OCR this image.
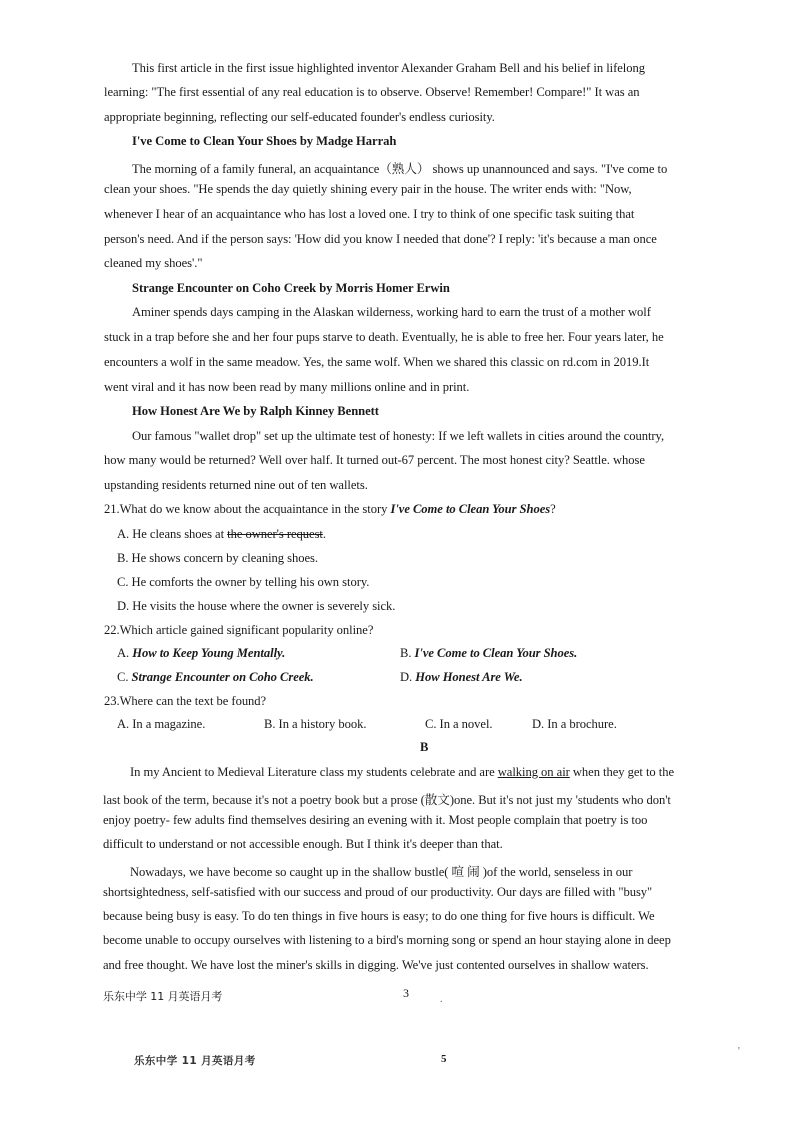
This first article in the first issue highlighted inventor Alexander Graham Bell and his belief in lifelong
learning: "The first essential of any real education is to observe. Observe! Remember! Compare!" It was an
appropriate beginning, reflecting our self-educated founder's endless curiosity.
I've Come to Clean Your Shoes by Madge Harrah
The morning of a family funeral, an acquaintance（熟人） shows up unannounced and says. "I've come to
clean your shoes. "He spends the day quietly shining every pair in the house. The writer ends with: "Now,
whenever I hear of an acquaintance who has lost a loved one. I try to think of one specific task suiting that
person's need. And if the person says: 'How did you know I needed that done'? I reply: 'it's because a man once
cleaned my shoes'."
Strange Encounter on Coho Creek by Morris Homer Erwin
Aminer spends days camping in the Alaskan wilderness, working hard to earn the trust of a mother wolf
stuck in a trap before she and her four pups starve to death. Eventually, he is able to free her. Four years later, he
encounters a wolf in the same meadow. Yes, the same wolf. When we shared this classic on rd.com in 2019.It
went viral and it has now been read by many millions online and in print.
How Honest Are We by Ralph Kinney Bennett
Our famous "wallet drop" set up the ultimate test of honesty: If we left wallets in cities around the country,
how many would be returned? Well over half. It turned out-67 percent. The most honest city? Seattle. whose
upstanding residents returned nine out of ten wallets.
21.What do we know about the acquaintance in the story I've Come to Clean Your Shoes?
A. He cleans shoes at the owner's request.
B. He shows concern by cleaning shoes.
C. He comforts the owner by telling his own story.
D. He visits the house where the owner is severely sick.
22.Which article gained significant popularity online?
A. How to Keep Young Mentally.	B. I've Come to Clean Your Shoes.
C. Strange Encounter on Coho Creek.	D. How Honest Are We.
23.Where can the text be found?
A. In a magazine.	B. In a history book.	C. In a novel.	D. In a brochure.
B
In my Ancient to Medieval Literature class my students celebrate and are walking on air when they get to the
last book of the term, because it's not a poetry book but a prose (散文)one. But it's not just my 'students who don't
enjoy poetry- few adults find themselves desiring an evening with it. Most people complain that poetry is too
difficult to understand or not accessible enough. But I think it's deeper than that.
Nowadays, we have become so caught up in the shallow bustle( 喧 闹 )of the world, senseless in our
shortsightedness, self-satisfied with our success and proud of our productivity. Our days are filled with "busy"
because being busy is easy. To do ten things in five hours is easy; to do one thing for five hours is difficult. We
become unable to occupy ourselves with listening to a bird's morning song or spend an hour staying alone in deep
and free thought. We have lost the miner's skills in digging. We've just contented ourselves in shallow waters.
乐东中学 11 月英语月考	3	.
乐东中学 11 月英语月考	5
'
